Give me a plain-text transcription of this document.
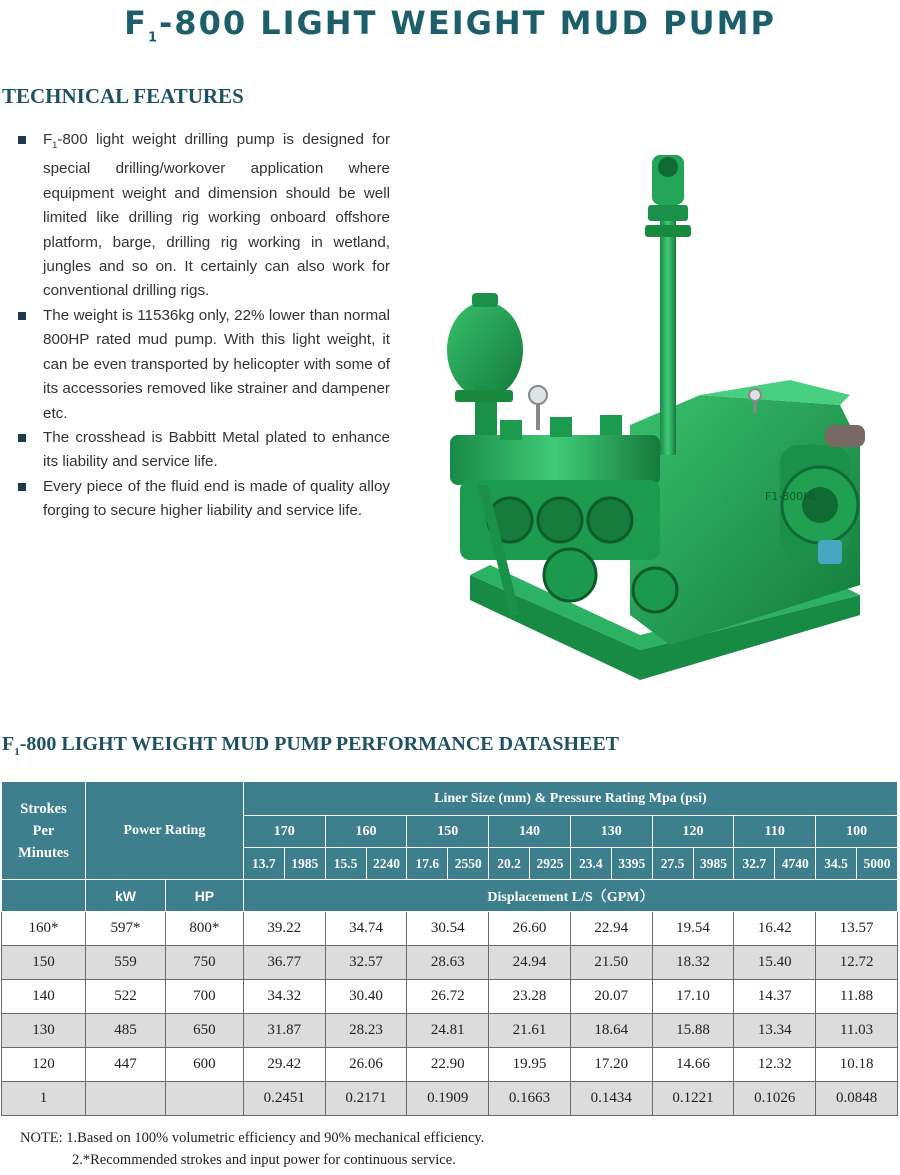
$F_1-800$ LIGHT WEIGHT MUD PUMP
TECHNICAL FEATURES
$F_1-800$ light weight drilling pump is designed for special drilling/workover application where equipment weight and dimension should be well limited like drilling rig working onboard offshore platform, barge, drilling rig working in wetland, jungles and so on. It certainly can also work for conventional drilling rigs.
The weight is 11536kg only, 22% lower than normal 800HP rated mud pump. With this light weight, it can be even transported by helicopter with some of its accessories removed like strainer and dampener etc.
The crosshead is Babbitt Metal plated to enhance its liability and service life.
Every piece of the fluid end is made of quality alloy forging to secure higher liability and service life.
F1-800HL
$F_1-800$ LIGHT WEIGHT MUD PUMP PERFORMANCE DATASHEET
Strokes Per Minutes	Power Rating		Liner Size (mm) & Pressure Rating Mpa (psi)															
			170		160		150		140		130		120		110		100	
			13.7	1985	15.5	2240	17.6	2550	20.2	2925	23.4	3395	27.5	3985	32.7	4740	34.5	5000
	kW	HP	Displacement L/S（GPM）															
160*	597*	800*	39.22		34.74		30.54		26.60		22.94		19.54		16.42		13.57	
150	559	750	36.77		32.57		28.63		24.94		21.50		18.32		15.40		12.72	
140	522	700	34.32		30.40		26.72		23.28		20.07		17.10		14.37		11.88	
130	485	650	31.87		28.23		24.81		21.61		18.64		15.88		13.34		11.03	
120	447	600	29.42		26.06		22.90		19.95		17.20		14.66		12.32		10.18	
1			0.2451		0.2171		0.1909		0.1663		0.1434		0.1221		0.1026		0.0848	
NOTE: 1.Based on 100% volumetric efficiency and 90% mechanical efficiency.
2.*Recommended strokes and input power for continuous service.
